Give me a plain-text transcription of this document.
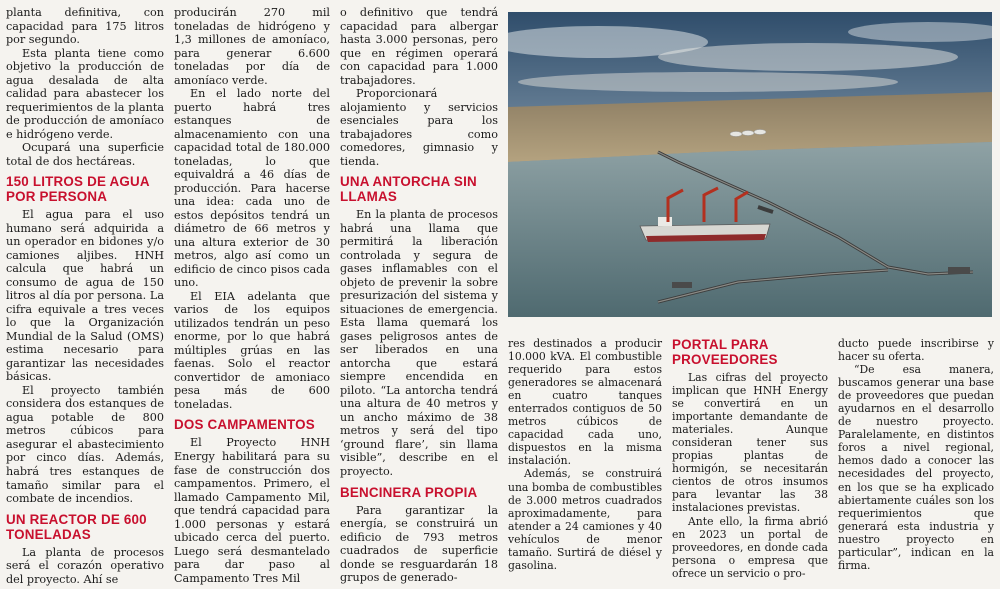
planta definitiva, con capacidad para 175 litros por segundo.

Esta planta tiene como objetivo la producción de agua desalada de alta calidad para abastecer los requerimientos de la planta de producción de amoníaco e hidrógeno verde.

Ocupará una superficie total de dos hectáreas.

150 LITROS DE AGUA POR PERSONA

El agua para el uso humano será adquirida a un operador en bidones y/o camiones aljibes. HNH calcula que habrá un consumo de agua de 150 litros al día por persona. La cifra equivale a tres veces lo que la Organización Mundial de la Salud (OMS) estima necesario para garantizar las necesidades básicas.

El proyecto también considera dos estanques de agua potable de 800 metros cúbicos para asegurar el abastecimiento por cinco días. Además, habrá tres estanques de tamaño similar para el combate de incendios.

UN REACTOR DE 600 TONELADAS

La planta de procesos será el corazón operativo del proyecto. Ahí se

producirán 270 mil toneladas de hidrógeno y 1,3 millones de amoníaco, para generar 6.600 toneladas por día de amoníaco verde.

En el lado norte del puerto habrá tres estanques de almacenamiento con una capacidad total de 180.000 toneladas, lo que equivaldrá a 46 días de producción. Para hacerse una idea: cada uno de estos depósitos tendrá un diámetro de 66 metros y una altura exterior de 30 metros, algo así como un edificio de cinco pisos cada uno.

El EIA adelanta que varios de los equipos utilizados tendrán un peso enorme, por lo que habrá múltiples grúas en las faenas. Solo el reactor convertidor de amoniaco pesa más de 600 toneladas.

DOS CAMPAMENTOS

El Proyecto HNH Energy habilitará para su fase de construcción dos campamentos. Primero, el llamado Campamento Mil, que tendrá capacidad para 1.000 personas y estará ubicado cerca del puerto. Luego será desmantelado para dar paso al Campamento Tres Mil

o definitivo que tendrá capacidad para albergar hasta 3.000 personas, pero que en régimen operará con capacidad para 1.000 trabajadores.

Proporcionará alojamiento y servicios esenciales para los trabajadores como comedores, gimnasio y tienda.

UNA ANTORCHA SIN LLAMAS

En la planta de procesos habrá una llama que permitirá la liberación controlada y segura de gases inflamables con el objeto de prevenir la sobre presurización del sistema y situaciones de emergencia. Esta llama quemará los gases peligrosos antes de ser liberados en una antorcha que estará siempre encendida en piloto. “La antorcha tendrá una altura de 40 metros y un ancho máximo de 38 metros y será del tipo ‘ground flare’, sin llama visible”, describe en el proyecto.

BENCINERA PROPIA

Para garantizar la energía, se construirá un edificio de 793 metros cuadrados de superficie donde se resguardarán 18 grupos de generado-

res destinados a producir 10.000 kVA. El combustible requerido para estos generadores se almacenará en cuatro tanques enterrados contiguos de 50 metros cúbicos de capacidad cada uno, dispuestos en la misma instalación.

Además, se construirá una bomba de combustibles de 3.000 metros cuadrados aproximadamente, para atender a 24 camiones y 40 vehículos de menor tamaño. Surtirá de diésel y gasolina.

PORTAL PARA PROVEEDORES

Las cifras del proyecto implican que HNH Energy se convertirá en un importante demandante de materiales. Aunque consideran tener sus propias plantas de hormigón, se necesitarán cientos de otros insumos para levantar las 38 instalaciones previstas.

Ante ello, la firma abrió en 2023 un portal de proveedores, en donde cada persona o empresa que ofrece un servicio o pro-

ducto puede inscribirse y hacer su oferta.

“De esa manera, buscamos generar una base de proveedores que puedan ayudarnos en el desarrollo de nuestro proyecto. Paralelamente, en distintos foros a nivel regional, hemos dado a conocer las necesidades del proyecto, en los que se ha explicado abiertamente cuáles son los requerimientos que generará esta industria y nuestro proyecto en particular”, indican en la firma.
